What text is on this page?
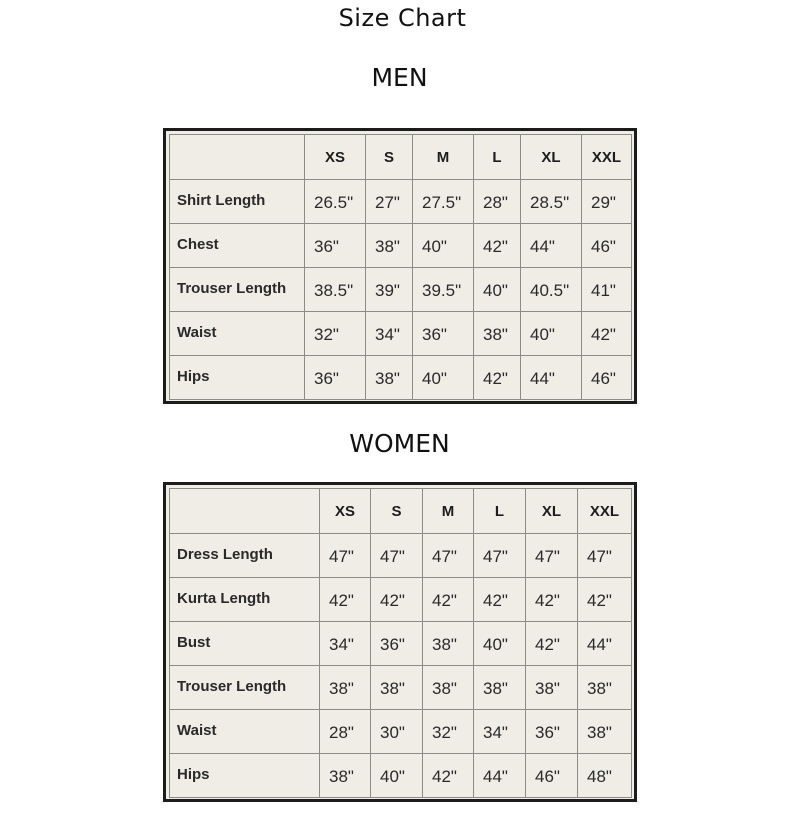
Size Chart
MEN
	XS	S	M	L	XL	XXL
Shirt Length	26.5"	27"	27.5"	28"	28.5"	29"
Chest	36"	38"	40"	42"	44"	46"
Trouser Length	38.5"	39"	39.5"	40"	40.5"	41"
Waist	32"	34"	36"	38"	40"	42"
Hips	36"	38"	40"	42"	44"	46"
WOMEN
	XS	S	M	L	XL	XXL
Dress Length	47"	47"	47"	47"	47"	47"
Kurta Length	42"	42"	42"	42"	42"	42"
Bust	34"	36"	38"	40"	42"	44"
Trouser Length	38"	38"	38"	38"	38"	38"
Waist	28"	30"	32"	34"	36"	38"
Hips	38"	40"	42"	44"	46"	48"
